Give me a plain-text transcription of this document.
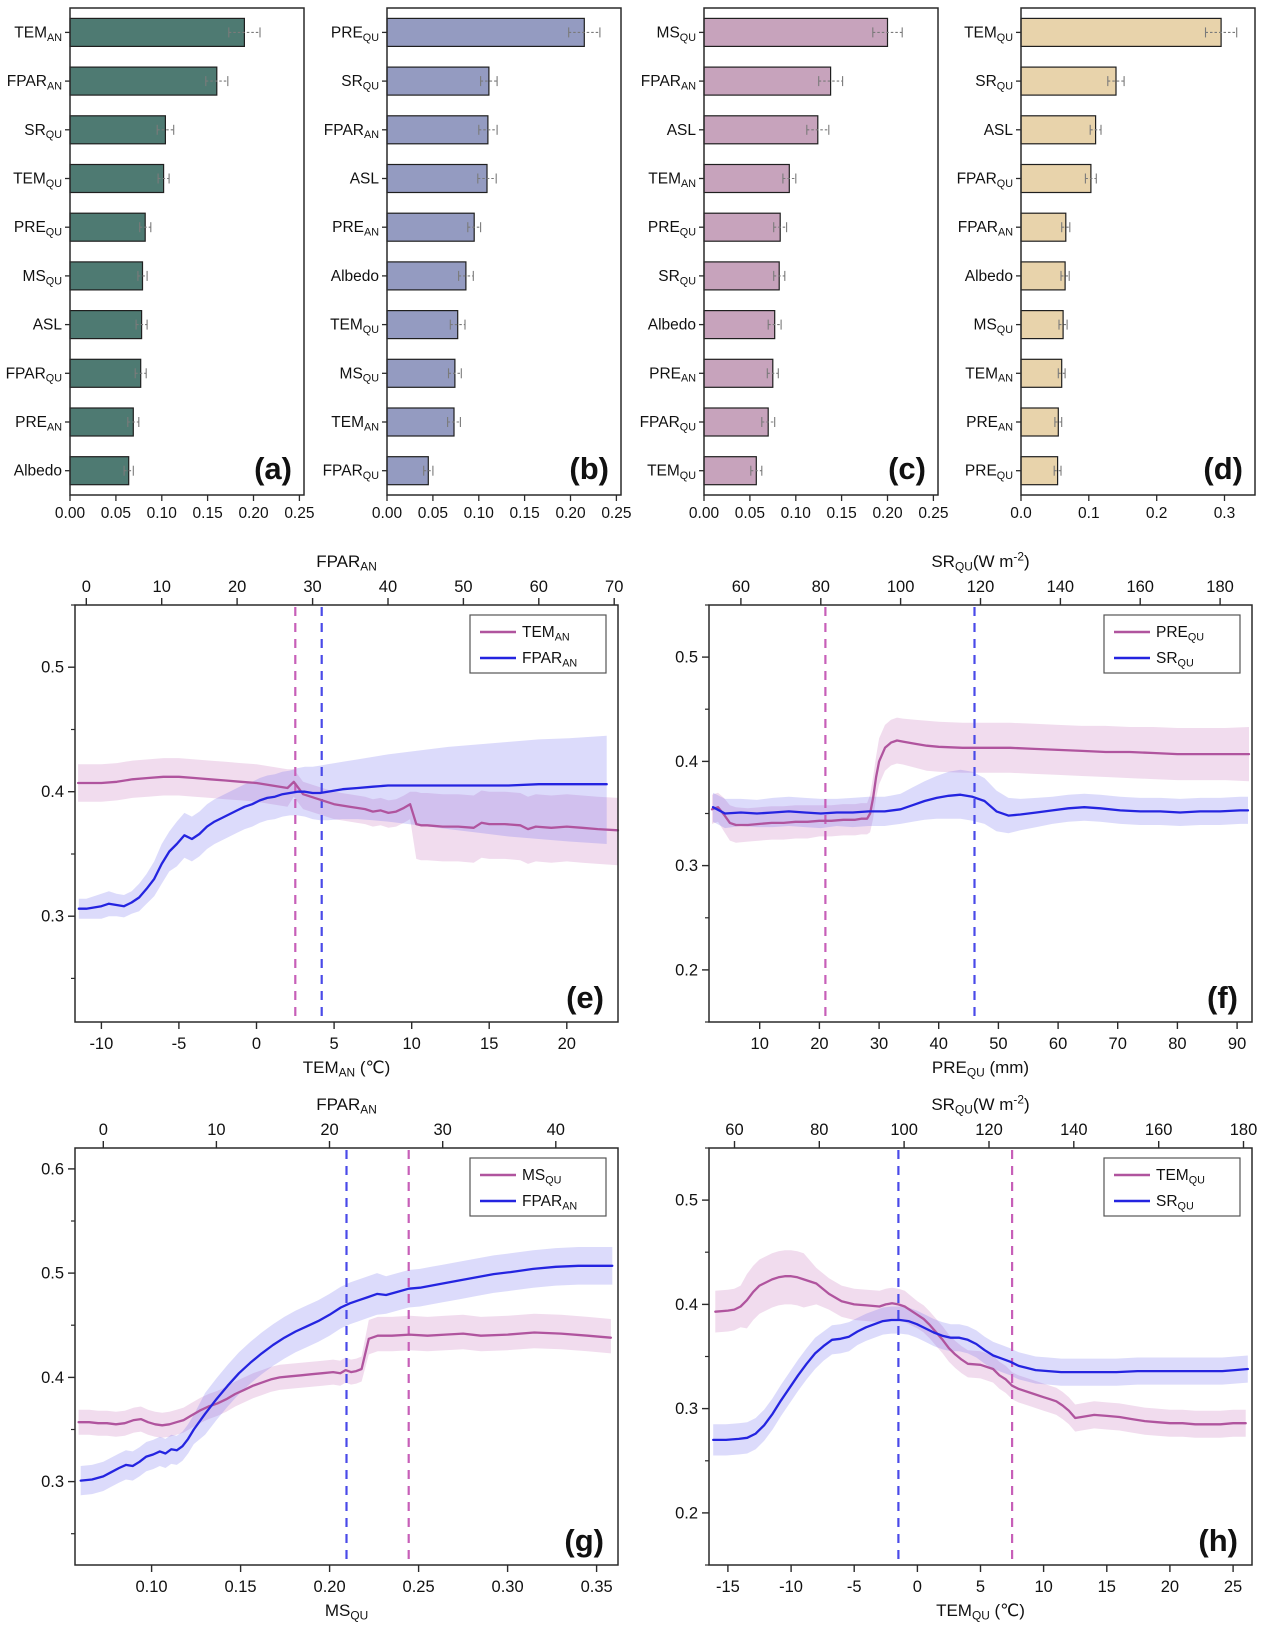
$TEM_{AN}$
$FPAR_{AN}$
$SR_{QU}$
$TEM_{QU}$
$PRE_{QU}$
$MS_{QU}$
ASL
$FPAR_{QU}$
$PRE_{AN}$
Albedo
0.00 0.05 0.10 0.15 0.20 0.25
(a)
$PRE_{QU}$
$SR_{QU}$
$FPAR_{AN}$
ASL
$PRE_{AN}$
Albedo
$TEM_{QU}$
$MS_{QU}$
$TEM_{AN}$
$FPAR_{QU}$
0.00 0.05 0.10 0.15 0.20 0.25
(b)
$MS_{QU}$
$FPAR_{AN}$
ASL
$TEM_{AN}$
$PRE_{QU}$
$SR_{QU}$
Albedo
$PRE_{AN}$
$FPAR_{QU}$
$TEM_{QU}$
0.00 0.05 0.10 0.15 0.20 0.25
(c)
$TEM_{QU}$
$SR_{QU}$
ASL
$FPAR_{QU}$
$FPAR_{AN}$
Albedo
$MS_{QU}$
$TEM_{AN}$
$PRE_{AN}$
$PRE_{QU}$
0.0	0.1	0.2	0.3
(d)
-10	-5	0	5	10	15	20
$TEM_{AN}$ (℃)
0	10	20	30	40	50	60	70
$FPAR_{AN}$
0.3
0.4
0.5
$TEM_{AN}$
$FPAR_{AN}$
(e)
10	20	30	40	50	60	70	80	90
$PRE_{QU}$ (mm)
60	80	100	120	140	160	180
$SR_{QU}(W$ $m^{-2}$)
0.2
0.3
0.4
0.5
$PRE_{QU}$
$SR_{QU}$
(f)
0.10	0.15	0.20	0.25	0.30	0.35
$MS_{QU}$
0	10	20	30	40
$FPAR_{AN}$
0.3
0.4
0.5
0.6	$MS_{QU}$
$FPAR_{AN}$
(g)
-15 -10	-5	0	5	10	15	20	25
$TEM_{QU}$ (℃)
60	80	100	120	140	160	180
$SR_{QU}(W$ $m^{-2}$)
0.2
0.3
0.4
0.5
$TEM_{QU}$
$SR_{QU}$
(h)
